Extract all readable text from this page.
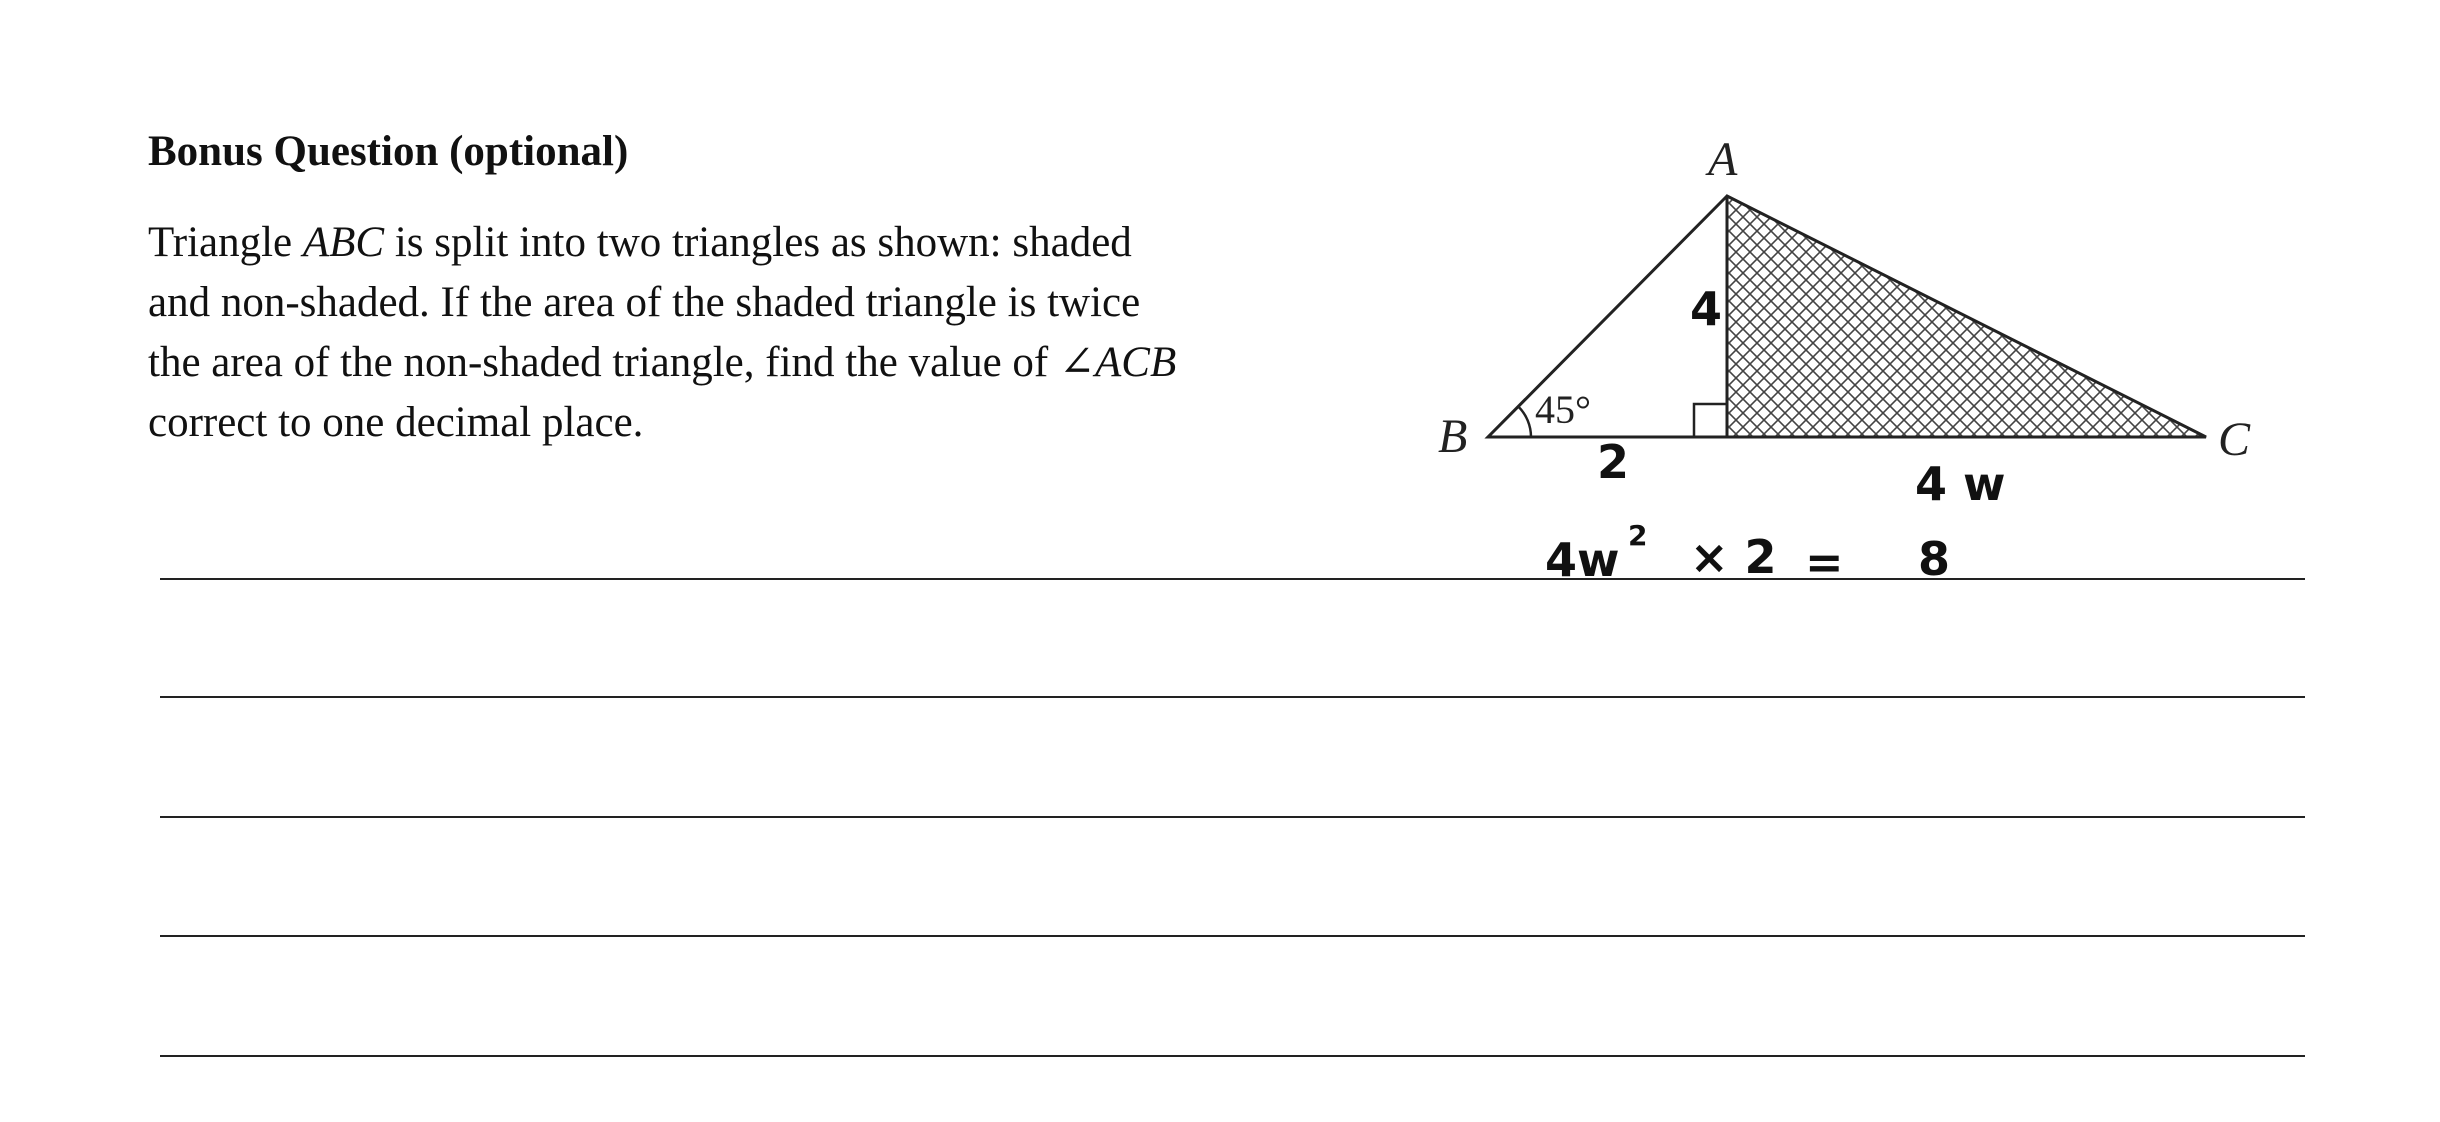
Bonus Question (optional)
Triangle ABC is split into two triangles as shown: shaded
and non-shaded. If the area of the shaded triangle is twice
the area of the non-shaded triangle, find the value of ∠ACB
correct to one decimal place.
A
B	C
45°
4
2	4 w
4w 2 × 2 = 8
